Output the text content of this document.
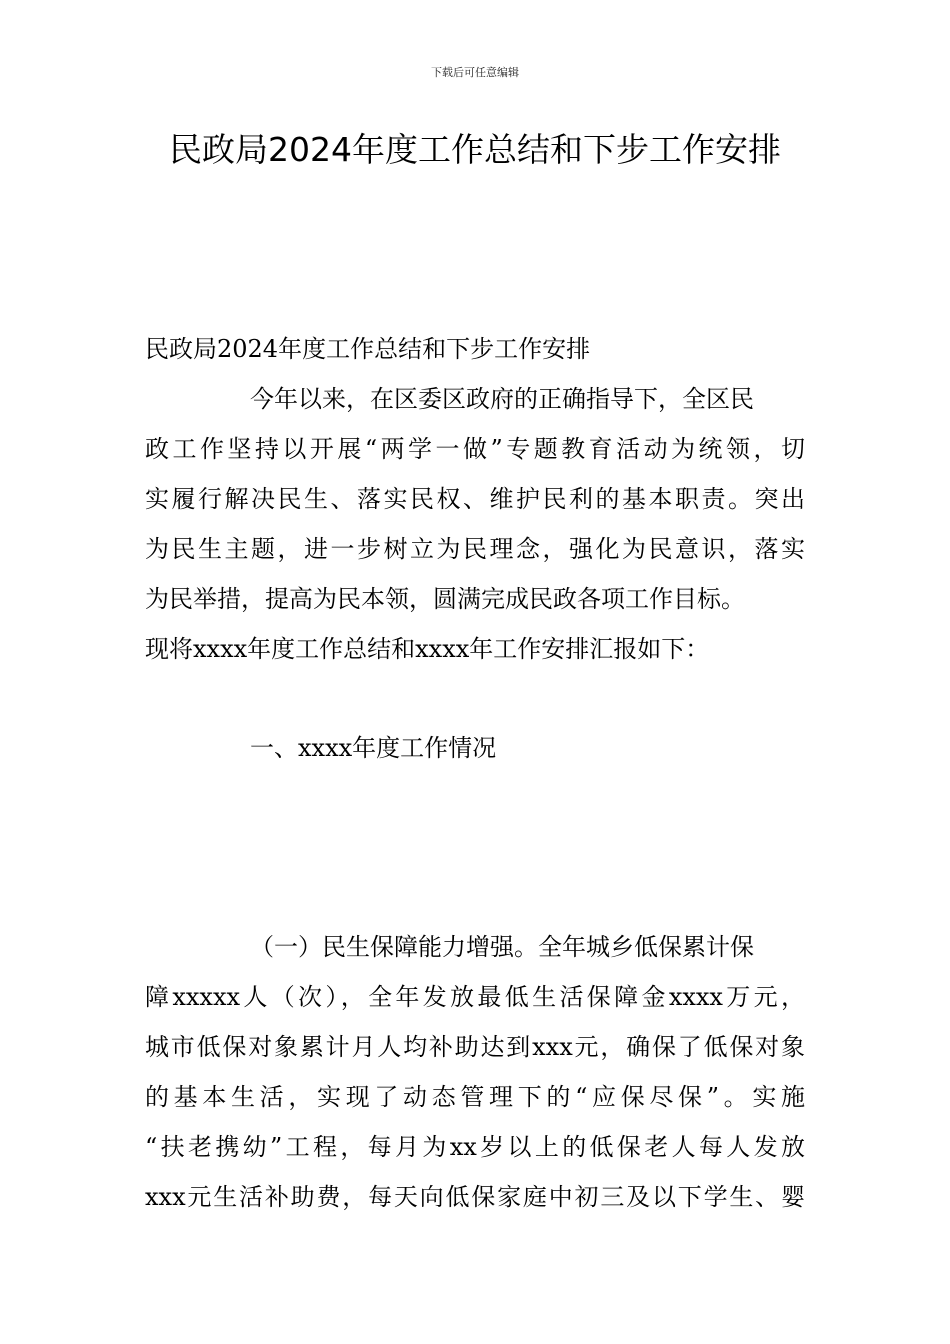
下载后可任意编辑
民政局2024年度工作总结和下步工作安排
民政局2024年度工作总结和下步工作安排
今年以来，在区委区政府的正确指导下，全区民
政工作坚持以开展“两学一做”专题教育活动为统领，切
实履行解决民生、落实民权、维护民利的基本职责。突出
为民生主题，进一步树立为民理念，强化为民意识，落实
为民举措，提高为民本领，圆满完成民政各项工作目标。
现将xxxx年度工作总结和xxxx年工作安排汇报如下：
一、xxxx年度工作情况
（一）民生保障能力增强。全年城乡低保累计保
障xxxxx人（次），全年发放最低生活保障金xxxx万元，
城市低保对象累计月人均补助达到xxx元，确保了低保对象
的基本生活，实现了动态管理下的“应保尽保”。实施
“扶老携幼”工程，每月为xx岁以上的低保老人每人发放
xxx元生活补助费，每天向低保家庭中初三及以下学生、婴
